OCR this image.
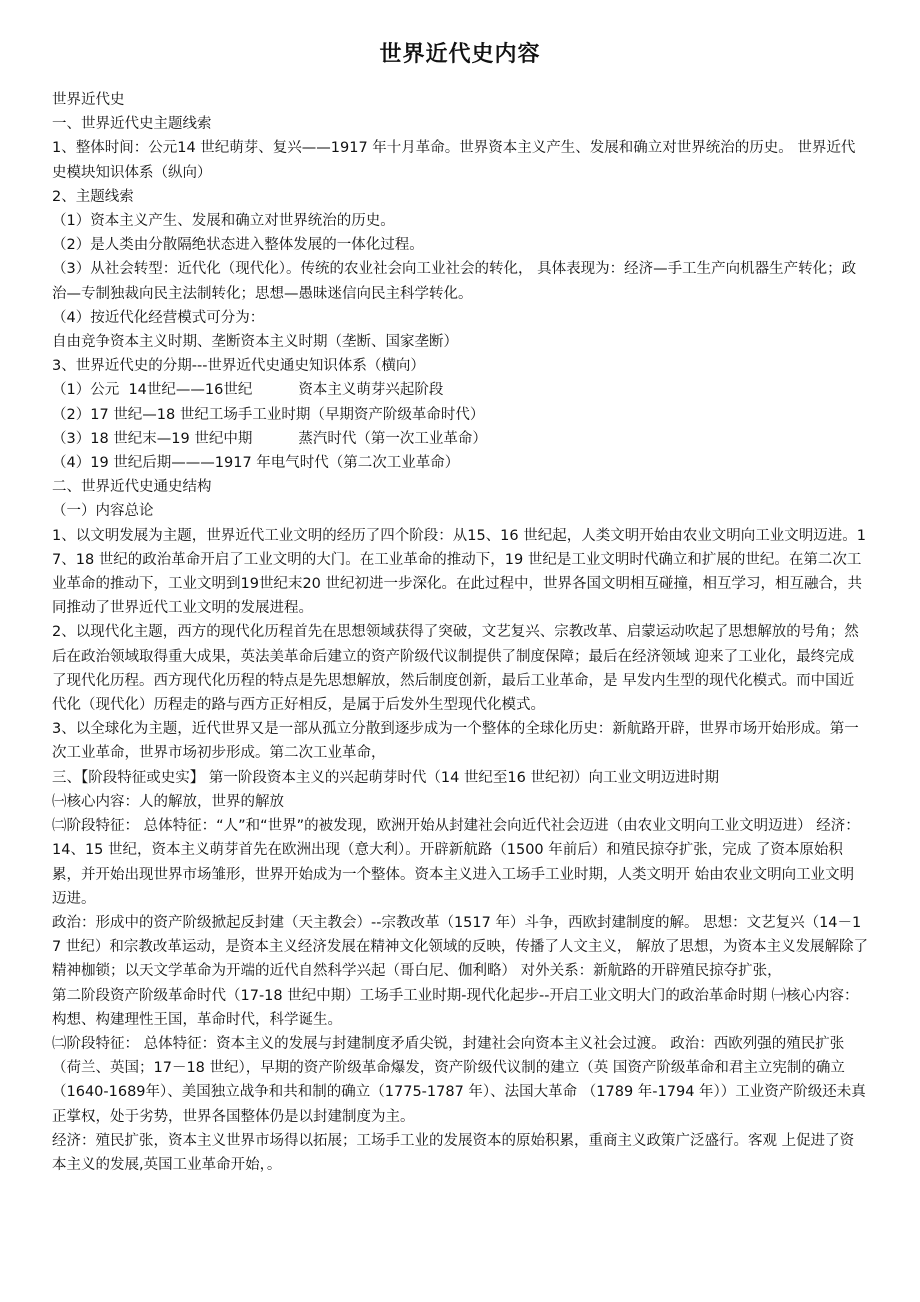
世界近代史内容
世界近代史
一、世界近代史主题线索
1、整体时间：公元14 世纪萌芽、复兴——1917 年十月革命。世界资本主义产生、发展和确立对世界统治的历史。 世界近代史模块知识体系（纵向）
2、主题线索
（1）资本主义产生、发展和确立对世界统治的历史。
（2）是人类由分散隔绝状态进入整体发展的一体化过程。
（3）从社会转型：近代化（现代化）。传统的农业社会向工业社会的转化， 具体表现为：经济—手工生产向机器生产转化；政治—专制独裁向民主法制转化；思想—愚昧迷信向民主科学转化。
（4）按近代化经营模式可分为：
自由竞争资本主义时期、垄断资本主义时期（垄断、国家垄断）
3、世界近代史的分期---世界近代史通史知识体系（横向）
（1）公元  14世纪——16世纪          资本主义萌芽兴起阶段
（2）17 世纪—18 世纪工场手工业时期（早期资产阶级革命时代）
（3）18 世纪末—19 世纪中期          蒸汽时代（第一次工业革命）
（4）19 世纪后期———1917 年电气时代（第二次工业革命）
二、世界近代史通史结构
（一）内容总论
1、以文明发展为主题，世界近代工业文明的经历了四个阶段：从15、16 世纪起，人类文明开始由农业文明向工业文明迈进。17、18 世纪的政治革命开启了工业文明的大门。在工业革命的推动下，19 世纪是工业文明时代确立和扩展的世纪。在第二次工业革命的推动下，工业文明到19世纪末20 世纪初进一步深化。在此过程中，世界各国文明相互碰撞，相互学习，相互融合，共同推动了世界近代工业文明的发展进程。
2、以现代化主题，西方的现代化历程首先在思想领域获得了突破，文艺复兴、宗教改革、启蒙运动吹起了思想解放的号角；然后在政治领域取得重大成果，英法美革命后建立的资产阶级代议制提供了制度保障；最后在经济领域 迎来了工业化，最终完成了现代化历程。西方现代化历程的特点是先思想解放，然后制度创新，最后工业革命，是 早发内生型的现代化模式。而中国近代化（现代化）历程走的路与西方正好相反，是属于后发外生型现代化模式。
3、以全球化为主题，近代世界又是一部从孤立分散到逐步成为一个整体的全球化历史：新航路开辟，世界市场开始形成。第一次工业革命，世界市场初步形成。第二次工业革命，
三、【阶段特征或史实】 第一阶段资本主义的兴起萌芽时代（14 世纪至16 世纪初）向工业文明迈进时期
㈠核心内容：人的解放，世界的解放
㈡阶段特征： 总体特征：“人”和“世界”的被发现，欧洲开始从封建社会向近代社会迈进（由农业文明向工业文明迈进） 经济： 14、15 世纪，资本主义萌芽首先在欧洲出现（意大利）。开辟新航路（1500 年前后）和殖民掠夺扩张，完成 了资本原始积累，并开始出现世界市场雏形，世界开始成为一个整体。资本主义进入工场手工业时期，人类文明开 始由农业文明向工业文明迈进。
政治：形成中的资产阶级掀起反封建（天主教会）--宗教改革（1517 年）斗争，西欧封建制度的解。 思想：文艺复兴（14－17 世纪）和宗教改革运动，是资本主义经济发展在精神文化领域的反映，传播了人文主义， 解放了思想，为资本主义发展解除了精神枷锁；以天文学革命为开端的近代自然科学兴起（哥白尼、伽利略） 对外关系：新航路的开辟殖民掠夺扩张，
第二阶段资产阶级革命时代（17-18 世纪中期）工场手工业时期-现代化起步--开启工业文明大门的政治革命时期 ㈠核心内容：构想、构建理性王国，革命时代，科学诞生。
㈡阶段特征： 总体特征：资本主义的发展与封建制度矛盾尖锐，封建社会向资本主义社会过渡。 政治：西欧列强的殖民扩张（荷兰、英国；17－18 世纪），早期的资产阶级革命爆发，资产阶级代议制的建立（英 国资产阶级革命和君主立宪制的确立（1640-1689年）、美国独立战争和共和制的确立（1775-1787 年）、法国大革命 （1789 年-1794 年））工业资产阶级还未真正掌权，处于劣势，世界各国整体仍是以封建制度为主。
经济：殖民扩张，资本主义世界市场得以拓展；工场手工业的发展资本的原始积累，重商主义政策广泛盛行。客观 上促进了资本主义的发展,英国工业革命开始，。
